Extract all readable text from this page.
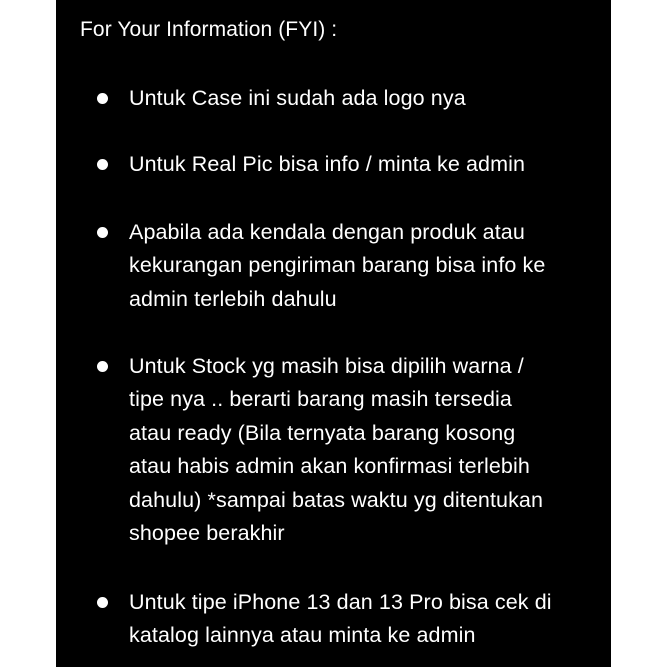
For Your Information (FYI) :
Untuk Case ini sudah ada logo nya
Untuk Real Pic bisa info / minta ke admin
Apabila ada kendala dengan produk atau
kekurangan pengiriman barang bisa info ke
admin terlebih dahulu
Untuk Stock yg masih bisa dipilih warna /
tipe nya .. berarti barang masih tersedia
atau ready (Bila ternyata barang kosong
atau habis admin akan konfirmasi terlebih
dahulu) *sampai batas waktu yg ditentukan
shopee berakhir
Untuk tipe iPhone 13 dan 13 Pro bisa cek di
katalog lainnya atau minta ke admin
